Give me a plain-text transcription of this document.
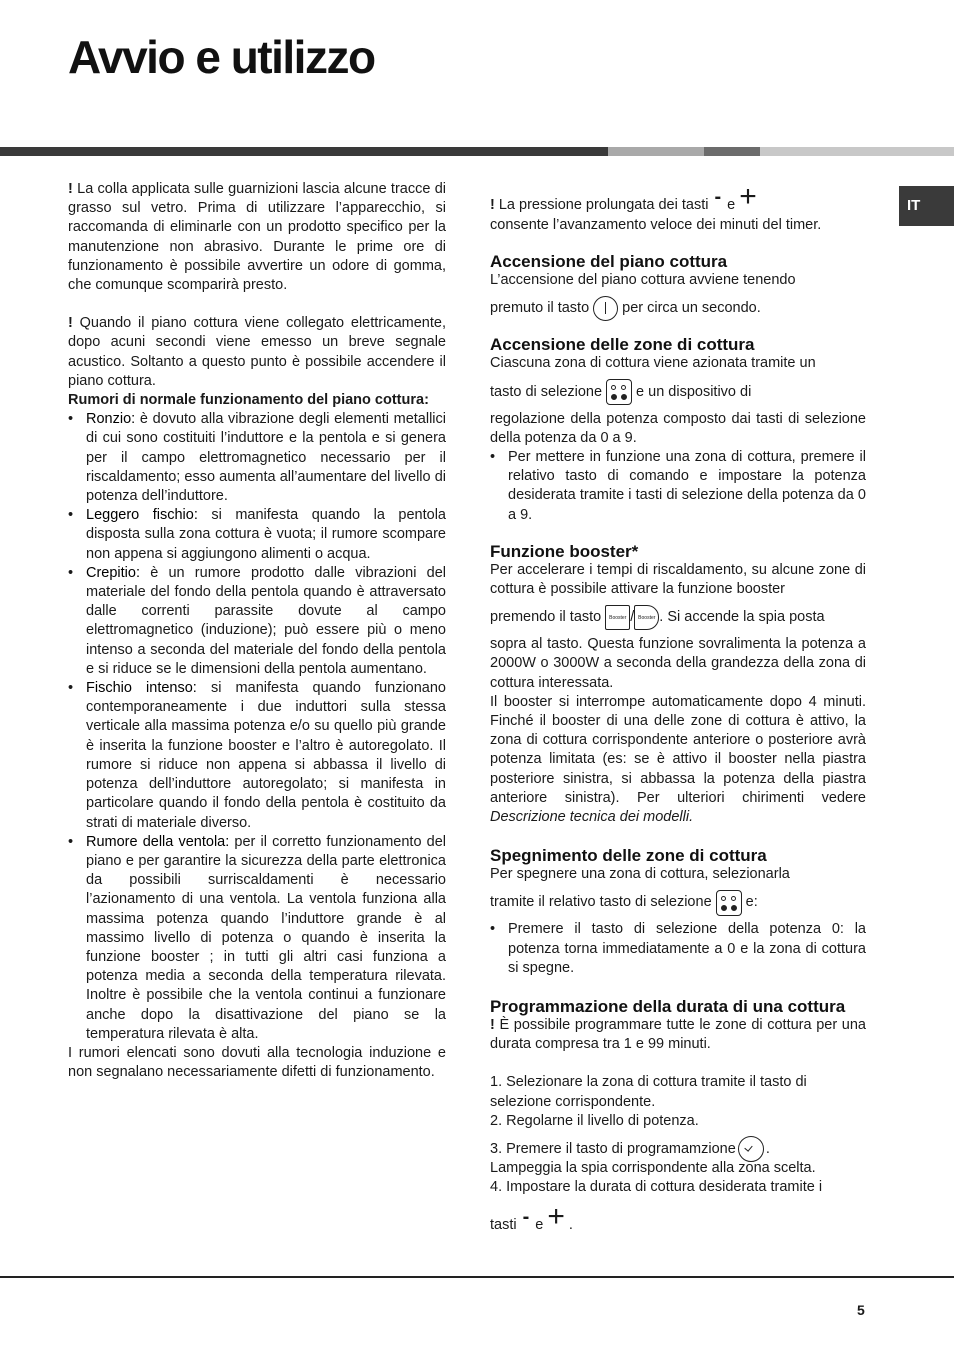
Avvio e utilizzo
IT

! La colla applicata sulle guarnizioni lascia alcune tracce di grasso sul vetro. Prima di utilizzare l’apparecchio, si raccomanda di eliminarle con un prodotto specifico per la manutenzione non abrasivo. Durante le prime ore di funzionamento è possibile avvertire un odore di gomma, che comunque scomparirà presto.

! Quando il piano cottura viene collegato elettricamente, dopo acuni secondi viene emesso un breve segnale acustico. Soltanto a questo punto è possibile accendere il piano cottura.

Rumori di normale funzionamento del piano cottura:

• Ronzio: è dovuto alla vibrazione degli elementi metallici di cui sono costituiti l’induttore e la pentola e si genera per il campo elettromagnetico necessario per il riscaldamento; esso aumenta all’aumentare del livello di potenza dell’induttore.
• Leggero fischio: si manifesta quando la pentola disposta sulla zona cottura è vuota; il rumore scompare non appena si aggiungono alimenti o acqua.
• Crepitio: è un rumore prodotto dalle vibrazioni del materiale del fondo della pentola quando è attraversato dalle correnti parassite dovute al campo elettromagnetico (induzione); può essere più o meno intenso a seconda del materiale del fondo della pentola e si riduce se le dimensioni della pentola aumentano.
• Fischio intenso: si manifesta quando funzionano contemporaneamente i due induttori sulla stessa verticale alla massima potenza e/o su quello più grande è inserita la funzione booster e l’altro è autoregolato. Il rumore si riduce non appena si abbassa il livello di potenza dell’induttore autoregolato; si manifesta in particolare quando il fondo della pentola è costituito da strati di materiale diverso.
• Rumore della ventola: per il corretto funzionamento del piano e per garantire la sicurezza della parte elettronica da possibili surriscaldamenti è necessario l’azionamento di una ventola. La ventola funziona alla massima potenza quando l’induttore grande è al massimo livello di potenza o quando è inserita la funzione booster ; in tutti gli altri casi funziona a potenza media a seconda della temperatura rilevata. Inoltre è possibile che la ventola continui a funzionare anche dopo la disattivazione del piano se la temperatura rilevata è alta.

I rumori elencati sono dovuti alla tecnologia induzione e non segnalano necessariamente difetti di funzionamento.

! La pressione prolungata dei tasti - e +

consente l’avanzamento veloce dei minuti del timer.

Accensione del piano cottura

L’accensione del piano cottura avviene tenendo

premuto il tasto per circa un secondo.

Accensione delle zone di cottura

Ciascuna zona di cottura viene azionata tramite un

tasto di selezione e un dispositivo di

regolazione della potenza composto dai tasti di selezione della potenza da 0 a 9.

• Per mettere in funzione una zona di cottura, premere il relativo tasto di comando e impostare la potenza desiderata tramite i tasti di selezione della potenza da 0 a 9.
Funzione booster*

Per accelerare i tempi di riscaldamento, su alcune zone di cottura è possibile attivare la funzione booster

premendo il tasto Booster / Booster . Si accende la spia posta

sopra al tasto. Questa funzione sovralimenta la potenza a 2000W o 3000W a seconda della grandezza della zona di cottura interessata.

Il booster si interrompe automaticamente dopo 4 minuti. Finché il booster di una delle zone di cottura è attivo, la zona di cottura corrispondente anteriore o posteriore avrà potenza limitata (es: se è attivo il booster nella piastra posteriore sinistra, si abbassa la potenza della piastra anteriore sinistra). Per ulteriori chirimenti vedere Descrizione tecnica dei modelli.

Spegnimento delle zone di cottura

Per spegnere una zona di cottura, selezionarla

tramite il relativo tasto di selezione e:

• Premere il tasto di selezione della potenza 0: la potenza torna immediatamente a 0 e la zona di cottura si spegne.
Programmazione della durata di una cottura

! È possibile programmare tutte le zone di cottura per una durata compresa tra 1 e 99 minuti.

1. Selezionare la zona di cottura tramite il tasto di selezione corrispondente.

2. Regolarne il livello di potenza.

3. Premere il tasto di programamzione .

Lampeggia la spia corrispondente alla zona scelta.

4. Impostare la durata di cottura desiderata tramite i

tasti - e + .

5
